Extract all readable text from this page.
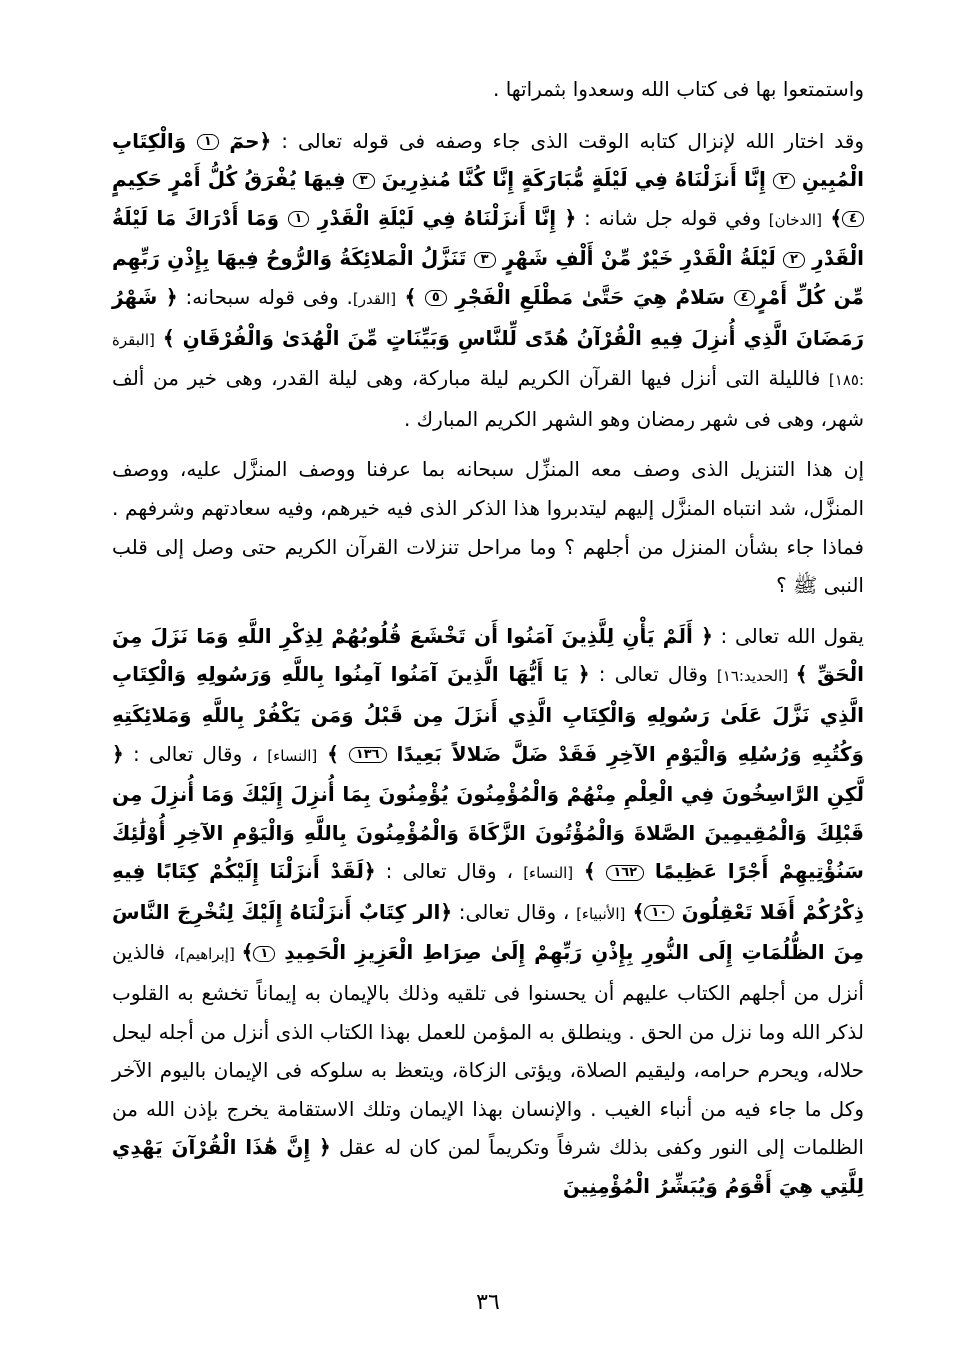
واستمتعوا بها فى كتاب الله وسعدوا بثمراتها .

وقد اختار الله لإنزال كتابه الوقت الذى جاء وصفه فى قوله تعالى : ﴿حمٓ ١ وَالْكِتَابِ الْمُبِينِ ٢ إِنَّا أَنزَلْنَاهُ فِي لَيْلَةٍ مُّبَارَكَةٍ إِنَّا كُنَّا مُنذِرِينَ ٣ فِيهَا يُفْرَقُ كُلُّ أَمْرٍ حَكِيمٍ٤﴾ [الدخان] وفي قوله جل شانه : ﴿ إِنَّا أَنزَلْنَاهُ فِي لَيْلَةِ الْقَدْرِ ١ وَمَا أَدْرَاكَ مَا لَيْلَةُ الْقَدْرِ ٢ لَيْلَةُ الْقَدْرِ خَيْرٌ مِّنْ أَلْفِ شَهْرٍ ٣ تَنَزَّلُ الْمَلائِكَةُ وَالرُّوحُ فِيهَا بِإِذْنِ رَبِّهِم مِّن كُلِّ أَمْرٍ٤ سَلامٌ هِيَ حَتَّىٰ مَطْلَعِ الْفَجْرِ ٥ ﴾ [القدر]. وفى قوله سبحانه: ﴿ شَهْرُ رَمَضَانَ الَّذِي أُنزِلَ فِيهِ الْقُرْآنُ هُدًى لِّلنَّاسِ وَبَيِّنَاتٍ مِّنَ الْهُدَىٰ وَالْفُرْقَانِ ﴾ [البقرة :١٨٥] فالليلة التى أنزل فيها القرآن الكريم ليلة مباركة، وهى ليلة القدر، وهى خير من ألف شهر، وهى فى شهر رمضان وهو الشهر الكريم المبارك .

إن هذا التنزيل الذى وصف معه المنزِّل سبحانه بما عرفنا ووصف المنزَّل عليه، ووصف المنزَّل، شد انتباه المنزَّل إليهم ليتدبروا هذا الذكر الذى فيه خيرهم، وفيه سعادتهم وشرفهم . فماذا جاء بشأن المنزل من أجلهم ؟ وما مراحل تنزلات القرآن الكريم حتى وصل إلى قلب النبى ﷺ ؟

يقول الله تعالى : ﴿ أَلَمْ يَأْنِ لِلَّذِينَ آمَنُوا أَن تَخْشَعَ قُلُوبُهُمْ لِذِكْرِ اللَّهِ وَمَا نَزَلَ مِنَ الْحَقِّ ﴾ [الحديد:١٦] وقال تعالى : ﴿ يَا أَيُّهَا الَّذِينَ آمَنُوا آمِنُوا بِاللَّهِ وَرَسُولِهِ وَالْكِتَابِ الَّذِي نَزَّلَ عَلَىٰ رَسُولِهِ وَالْكِتَابِ الَّذِي أَنزَلَ مِن قَبْلُ وَمَن يَكْفُرْ بِاللَّهِ وَمَلائِكَتِهِ وَكُتُبِهِ وَرُسُلِهِ وَالْيَوْمِ الآخِرِ فَقَدْ ضَلَّ ضَلالاً بَعِيدًا ١٣٦ ﴾ [النساء] ، وقال تعالى : ﴿ لَّكِنِ الرَّاسِخُونَ فِي الْعِلْمِ مِنْهُمْ وَالْمُؤْمِنُونَ يُؤْمِنُونَ بِمَا أُنزِلَ إِلَيْكَ وَمَا أُنزِلَ مِن قَبْلِكَ وَالْمُقِيمِينَ الصَّلاةَ وَالْمُؤْتُونَ الزَّكَاةَ وَالْمُؤْمِنُونَ بِاللَّهِ وَالْيَوْمِ الآخِرِ أُوْلَٰئِكَ سَنُؤْتِيهِمْ أَجْرًا عَظِيمًا ١٦٢ ﴾ [النساء] ، وقال تعالى : ﴿لَقَدْ أَنزَلْنَا إِلَيْكُمْ كِتَابًا فِيهِ ذِكْرُكُمْ أَفَلا تَعْقِلُونَ ١٠﴾ [الأنبياء] ، وقال تعالى: ﴿الر كِتَابٌ أَنزَلْنَاهُ إِلَيْكَ لِتُخْرِجَ النَّاسَ مِنَ الظُّلُمَاتِ إِلَى النُّورِ بِإِذْنِ رَبِّهِمْ إِلَىٰ صِرَاطِ الْعَزِيزِ الْحَمِيدِ ١﴾ [إبراهيم]، فالذين أنزل من أجلهم الكتاب عليهم أن يحسنوا فى تلقيه وذلك بالإيمان به إيماناً تخشع به القلوب لذكر الله وما نزل من الحق . وينطلق به المؤمن للعمل بهذا الكتاب الذى أنزل من أجله ليحل حلاله، ويحرم حرامه، وليقيم الصلاة، ويؤتى الزكاة، ويتعظ به سلوكه فى الإيمان باليوم الآخر وكل ما جاء فيه من أنباء الغيب . والإنسان بهذا الإيمان وتلك الاستقامة يخرج بإذن الله من الظلمات إلى النور وكفى بذلك شرفاً وتكريماً لمن كان له عقل ﴿ إِنَّ هَٰذَا الْقُرْآنَ يَهْدِي لِلَّتِي هِيَ أَقْوَمُ وَيُبَشِّرُ الْمُؤْمِنِينَ

٣٦
